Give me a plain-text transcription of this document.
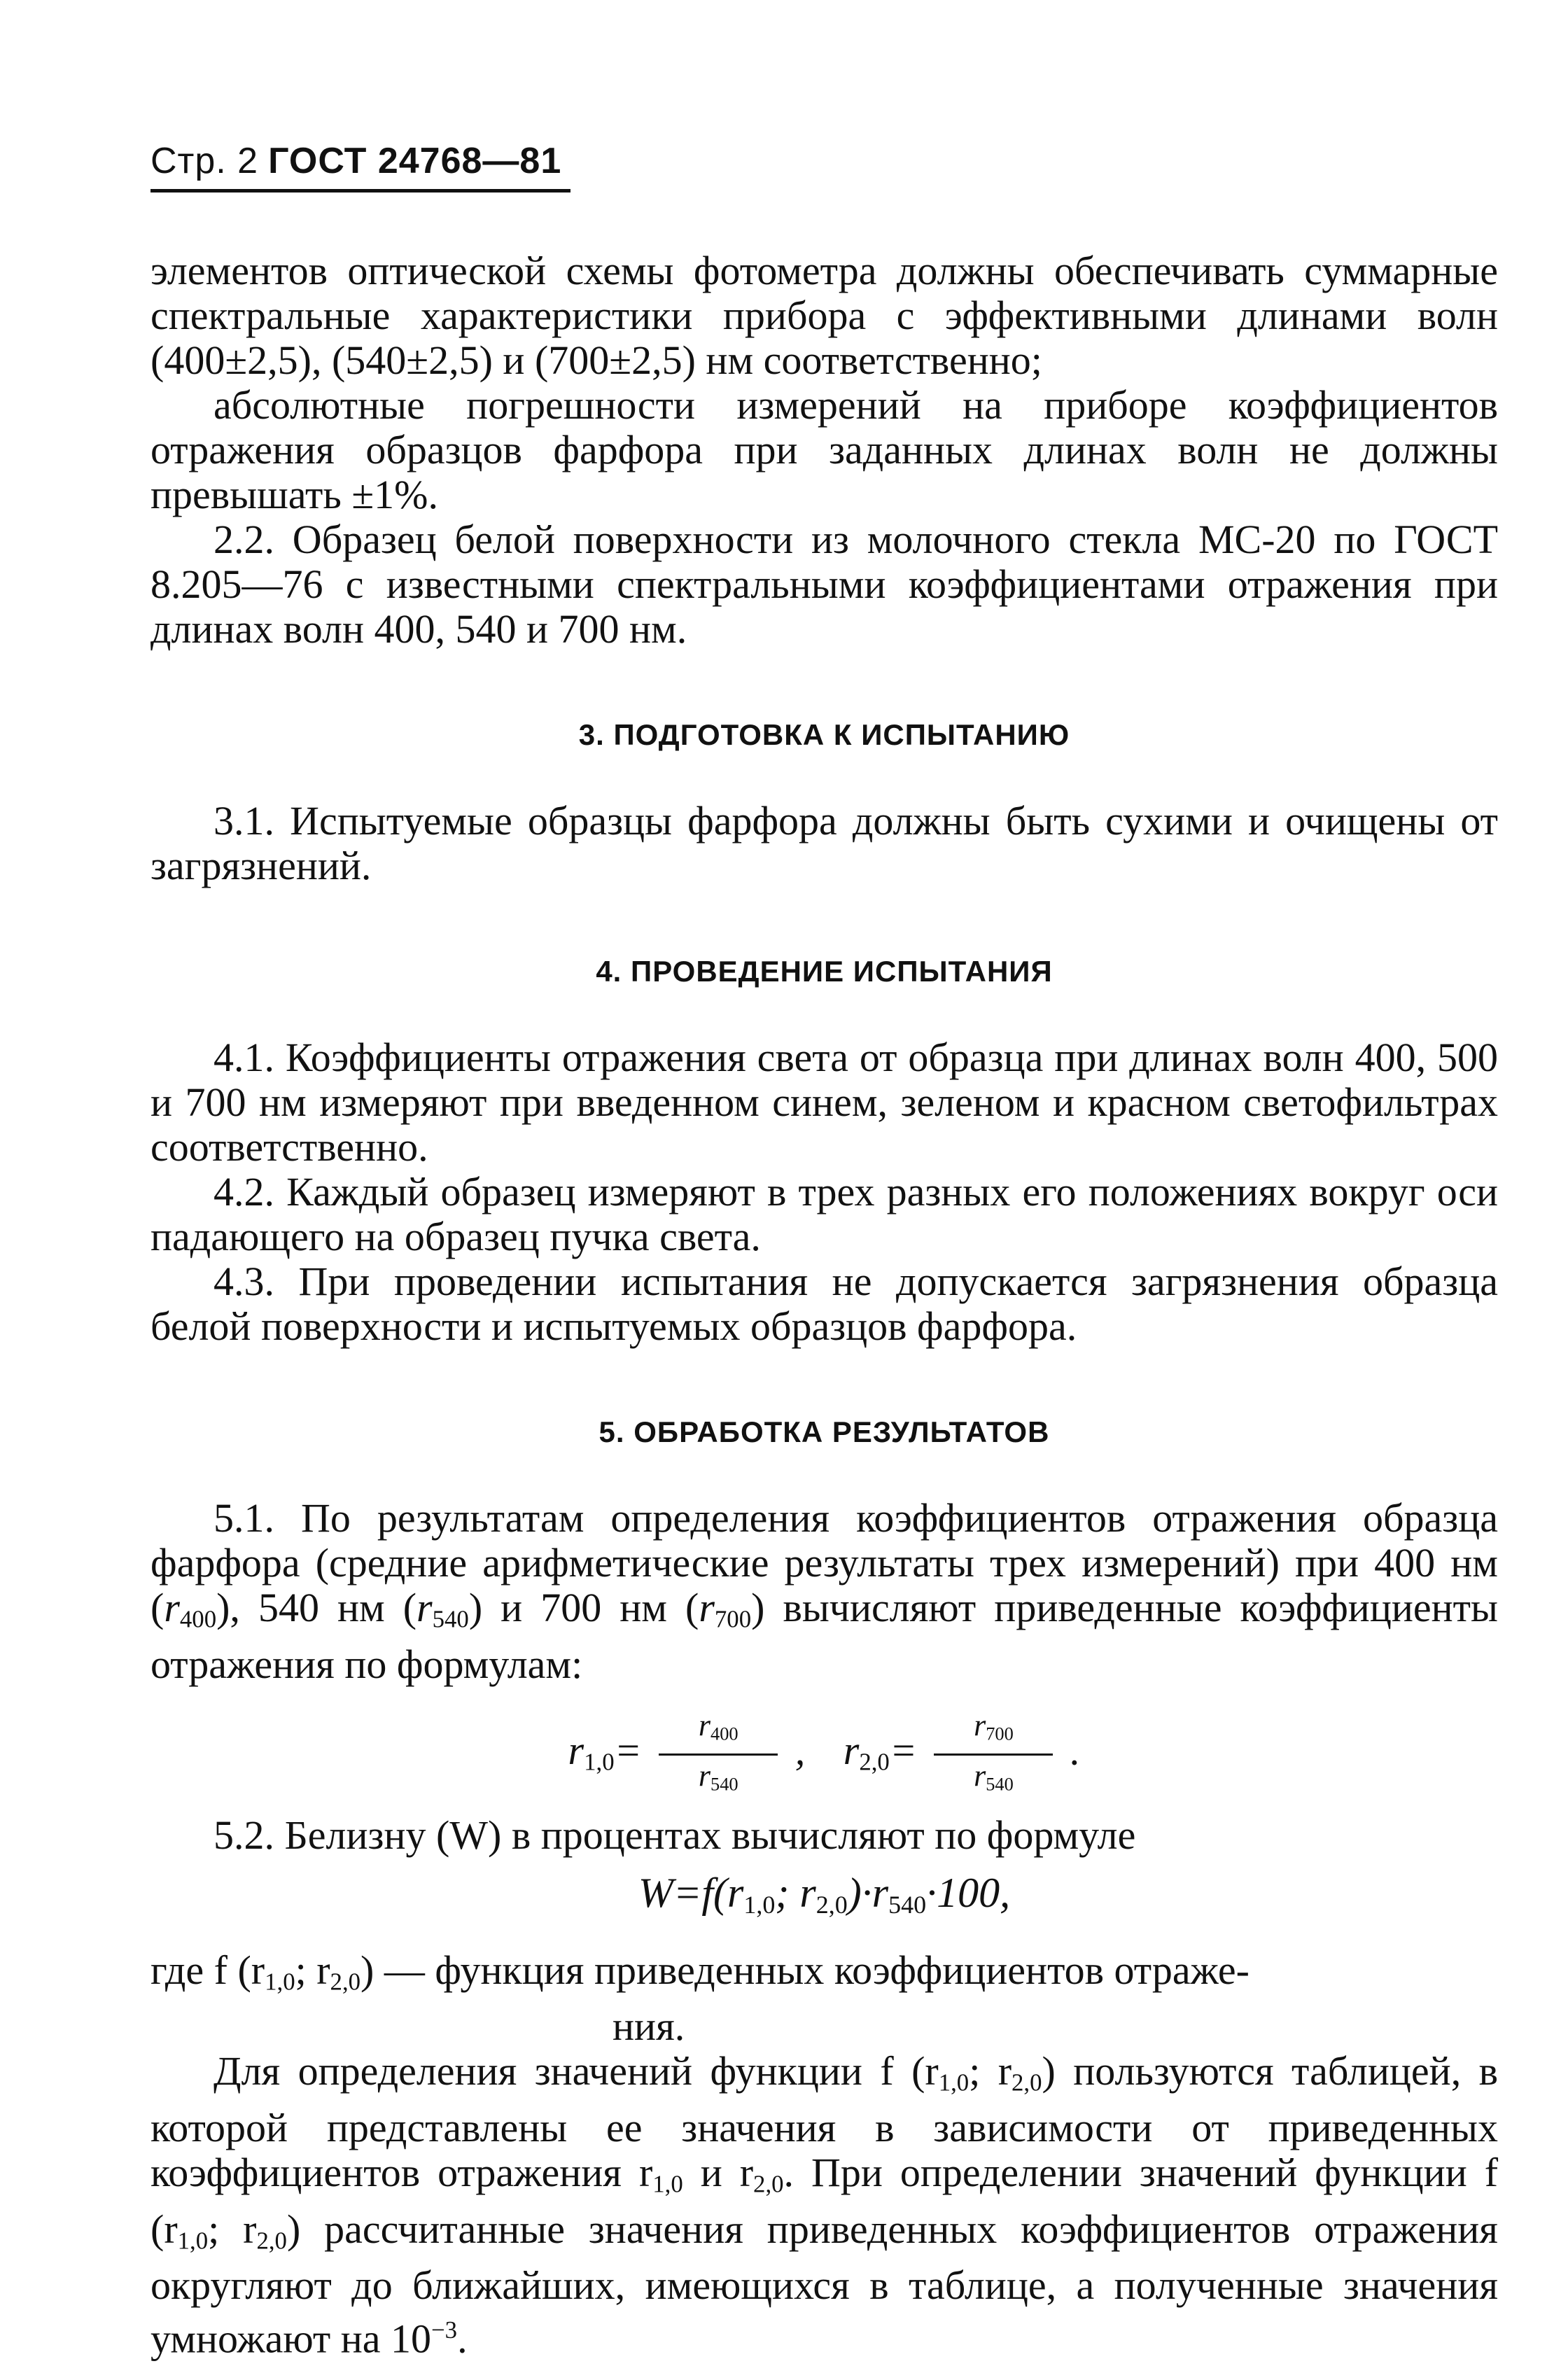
Стр. 2 ГОСТ 24768—81

элементов оптической схемы фотометра должны обеспечивать суммарные спектральные характеристики прибора с эффективными длинами волн (400±2,5), (540±2,5) и (700±2,5) нм соответственно;

абсолютные погрешности измерений на приборе коэффициентов отражения образцов фарфора при заданных длинах волн не должны превышать ±1%.

2.2. Образец белой поверхности из молочного стекла МС-20 по ГОСТ 8.205—76 с известными спектральными коэффициентами отражения при длинах волн 400, 540 и 700 нм.

3. ПОДГОТОВКА К ИСПЫТАНИЮ

3.1. Испытуемые образцы фарфора должны быть сухими и очищены от загрязнений.

4. ПРОВЕДЕНИЕ ИСПЫТАНИЯ

4.1. Коэффициенты отражения света от образца при длинах волн 400, 500 и 700 нм измеряют при введенном синем, зеленом и красном светофильтрах соответственно.

4.2. Каждый образец измеряют в трех разных его положениях вокруг оси падающего на образец пучка света.

4.3. При проведении испытания не допускается загрязнения образца белой поверхности и испытуемых образцов фарфора.

5. ОБРАБОТКА РЕЗУЛЬТАТОВ

5.1. По результатам определения коэффициентов отражения образца фарфора (средние арифметические результаты трех измерений) при 400 нм $(r_{400})$, 540 нм $(r_{540})$ и 700 нм $(r_{700})$ вычисляют приведенные коэффициенты отражения по формулам:

$r_{1,0}= \frac{r_{400}}{r_{540}}$ , $r_{2,0}= \frac{r_{700}}{r_{540}}$ .

5.2. Белизну (W) в процентах вычисляют по формуле

$W=f(r_{1,0}$; $r_{2,0})\cdot r_{540}\cdot 100$,

где f ($r_{1,0}$; $r_{2,0}$) — функция приведенных коэффициентов отраже-
ния.

Для определения значений функции f ($r_{1,0}$; $r_{2,0}$) пользуются таблицей, в которой представлены ее значения в зависимости от приведенных коэффициентов отражения $r_{1,0}$ и $r_{2,0}$. При определении значений функции f ($r_{1,0}$; $r_{2,0}$) рассчитанные значения приведенных коэффициентов отражения округляют до ближайших, имеющихся в таблице, а полученные значения умножают на $10^{-3}$.
